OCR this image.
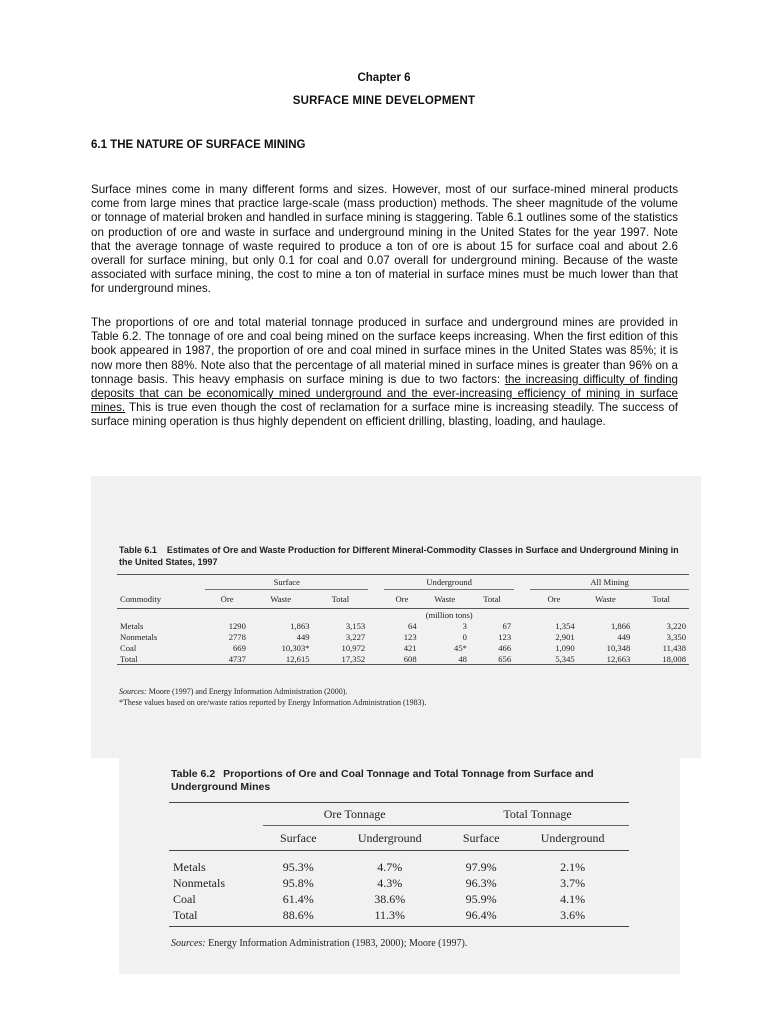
Chapter 6
SURFACE MINE DEVELOPMENT
6.1 THE NATURE OF SURFACE MINING

Surface mines come in many different forms and sizes. However, most of our surface-mined mineral products come from large mines that practice large-scale (mass production) methods. The sheer magnitude of the volume or tonnage of material broken and handled in surface mining is staggering. Table 6.1 outlines some of the statistics on production of ore and waste in surface and underground mining in the United States for the year 1997. Note that the average tonnage of waste required to produce a ton of ore is about 15 for surface coal and about 2.6 overall for surface mining, but only 0.1 for coal and 0.07 overall for underground mining. Because of the waste associated with surface mining, the cost to mine a ton of material in surface mines must be much lower than that for underground mines.

The proportions of ore and total material tonnage produced in surface and underground mines are provided in Table 6.2. The tonnage of ore and coal being mined on the surface keeps increasing. When the first edition of this book appeared in 1987, the proportion of ore and coal mined in surface mines in the United States was 85%; it is now more then 88%. Note also that the percentage of all material mined in surface mines is greater than 96% on a tonnage basis. This heavy emphasis on surface mining is due to two factors: the increasing difficulty of finding deposits that can be economically mined underground and the ever-increasing efficiency of mining in surface mines. This is true even though the cost of reclamation for a surface mine is increasing steadily. The success of surface mining operation is thus highly dependent on efficient drilling, blasting, loading, and haulage.

Table 6.1 Estimates of Ore and Waste Production for Different Mineral-Commodity Classes in Surface and Underground Mining in the United States, 1997
	Surface				Underground				All Mining		
Commodity	Ore	Waste	Total		Ore	Waste	Total		Ore	Waste	Total
					(million tons)						
Metals	1290	1,863	3,153		64	3	67		1,354	1,866	3,220
Nonmetals	2778	449	3,227		123	0	123		2,901	449	3,350
Coal	669	10,303*	10,972		421	45*	466		1,090	10,348	11,438
Total	4737	12,615	17,352		608	48	656		5,345	12,663	18,008
Sources: Moore (1997) and Energy Information Administration (2000).
*These values based on ore/waste ratios reported by Energy Information Administration (1983).
Table 6.2 Proportions of Ore and Coal Tonnage and Total Tonnage from Surface and Underground Mines
	Ore Tonnage		Total Tonnage	
	Surface	Underground	Surface	Underground
Metals	95.3%	4.7%	97.9%	2.1%
Nonmetals	95.8%	4.3%	96.3%	3.7%
Coal	61.4%	38.6%	95.9%	4.1%
Total	88.6%	11.3%	96.4%	3.6%
Sources: Energy Information Administration (1983, 2000); Moore (1997).
